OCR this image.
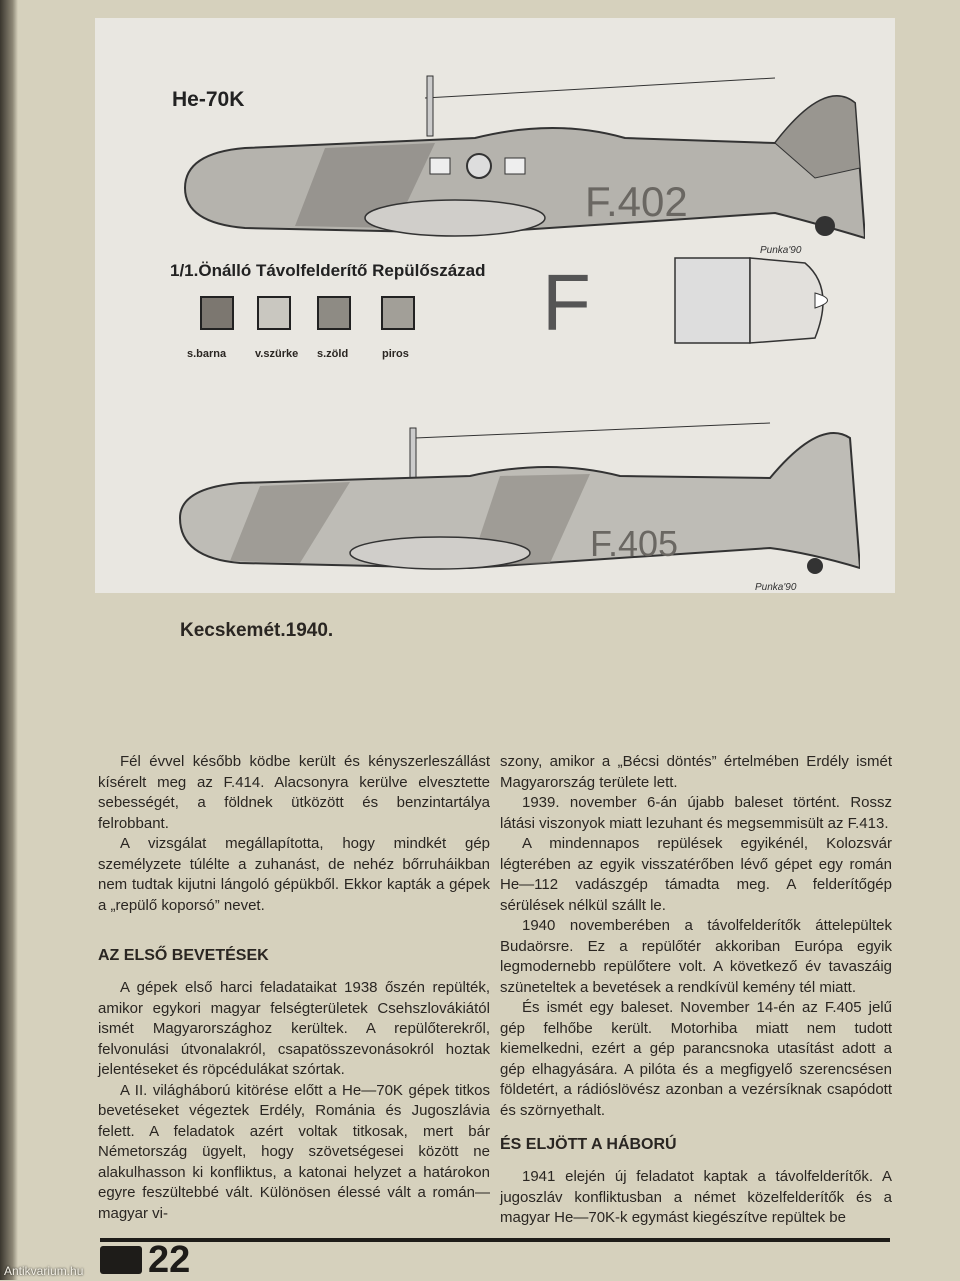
He-70K
F.402
Punka'90
1/1.Önálló Távolfelderítő Repülőszázad
s.barna	v.szürke s.zöld	piros
F
F.405
Punka'90
Kecskemét.1940.

Fél évvel később ködbe került és kényszerleszállást kísérelt meg az F.414. Alacsonyra kerülve elvesztette sebességét, a földnek ütközött és benzintartálya felrobbant.

A vizsgálat megállapította, hogy mindkét gép személyzete túlélte a zuhanást, de nehéz bőrruháikban nem tudtak kijutni lángoló gépükből. Ekkor kapták a gépek a „repülő koporsó” nevet.

AZ ELSŐ BEVETÉSEK

A gépek első harci feladataikat 1938 őszén repülték, amikor egykori magyar felségterületek Csehszlovákiától ismét Magyarországhoz kerültek. A repülőterekről, felvonulási útvonalakról, csapatösszevonásokról hoztak jelentéseket és röpcédulákat szórtak.

A II. világháború kitörése előtt a He—70K gépek titkos bevetéseket végeztek Erdély, Románia és Jugoszlávia felett. A feladatok azért voltak titkosak, mert bár Németország ügyelt, hogy szövetségesei között ne alakulhasson ki konfliktus, a katonai helyzet a határokon egyre feszültebbé vált. Különösen élessé vált a román—magyar vi-

szony, amikor a „Bécsi döntés” értelmében Erdély ismét Magyarország területe lett.

1939. november 6-án újabb baleset történt. Rossz látási viszonyok miatt lezuhant és megsemmisült az F.413.

A mindennapos repülések egyikénél, Kolozsvár légterében az egyik visszatérőben lévő gépet egy román He—112 vadászgép támadta meg. A felderítőgép sérülések nélkül szállt le.

1940 novemberében a távolfelderítők áttelepültek Budaörsre. Ez a repülőtér akkoriban Európa egyik legmodernebb repülőtere volt. A következő év tavaszáig szüneteltek a bevetések a rendkívül kemény tél miatt.

És ismét egy baleset. November 14-én az F.405 jelű gép felhőbe került. Motorhiba miatt nem tudott kiemelkedni, ezért a gép parancsnoka utasítást adott a gép elhagyására. A pilóta és a megfigyelő szerencsésen földetért, a rádióslövész azonban a vezérsíknak csapódott és szörnyethalt.

ÉS ELJÖTT A HÁBORÚ

1941 elején új feladatot kaptak a távolfelderítők. A jugoszláv konfliktusban a német közelfelderítők és a magyar He—70K-k egymást kiegészítve repültek be

22
Antikvarium.hu
